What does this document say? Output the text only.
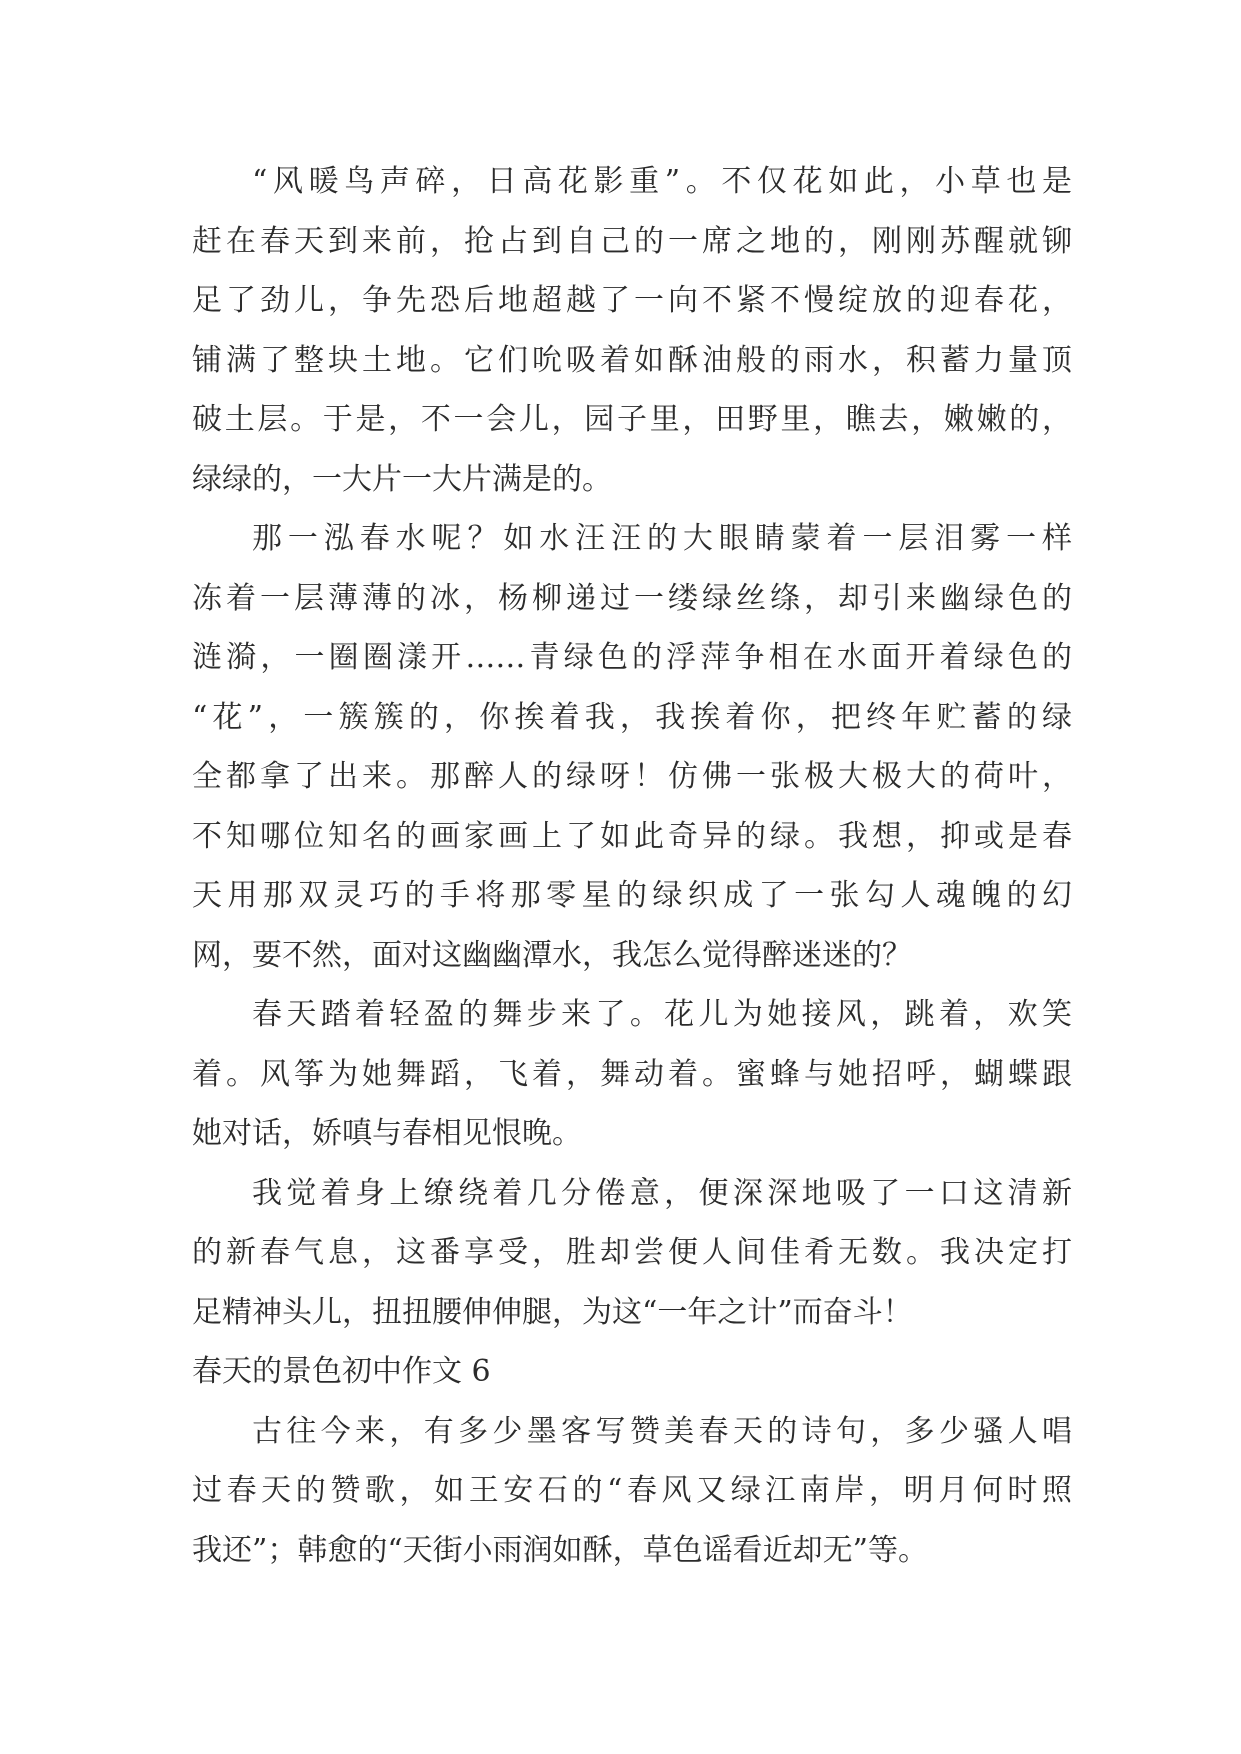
“风暖鸟声碎，日高花影重”。不仅花如此，小草也是
赶在春天到来前，抢占到自己的一席之地的，刚刚苏醒就铆
足了劲儿，争先恐后地超越了一向不紧不慢绽放的迎春花，
铺满了整块土地。它们吮吸着如酥油般的雨水，积蓄力量顶
破土层。于是，不一会儿，园子里，田野里，瞧去，嫩嫩的，
绿绿的，一大片一大片满是的。
那一泓春水呢？如水汪汪的大眼睛蒙着一层泪雾一样
冻着一层薄薄的冰，杨柳递过一缕绿丝绦，却引来幽绿色的
涟漪，一圈圈漾开……青绿色的浮萍争相在水面开着绿色的
“花”，一簇簇的，你挨着我，我挨着你，把终年贮蓄的绿
全都拿了出来。那醉人的绿呀！仿佛一张极大极大的荷叶，
不知哪位知名的画家画上了如此奇异的绿。我想，抑或是春
天用那双灵巧的手将那零星的绿织成了一张勾人魂魄的幻
网，要不然，面对这幽幽潭水，我怎么觉得醉迷迷的？
春天踏着轻盈的舞步来了。花儿为她接风，跳着，欢笑
着。风筝为她舞蹈，飞着，舞动着。蜜蜂与她招呼，蝴蝶跟
她对话，娇嗔与春相见恨晚。
我觉着身上缭绕着几分倦意，便深深地吸了一口这清新
的新春气息，这番享受，胜却尝便人间佳肴无数。我决定打
足精神头儿，扭扭腰伸伸腿，为这“一年之计”而奋斗！
春天的景色初中作文 6
古往今来，有多少墨客写赞美春天的诗句，多少骚人唱
过春天的赞歌，如王安石的“春风又绿江南岸，明月何时照
我还”；韩愈的“天街小雨润如酥，草色谣看近却无”等。
